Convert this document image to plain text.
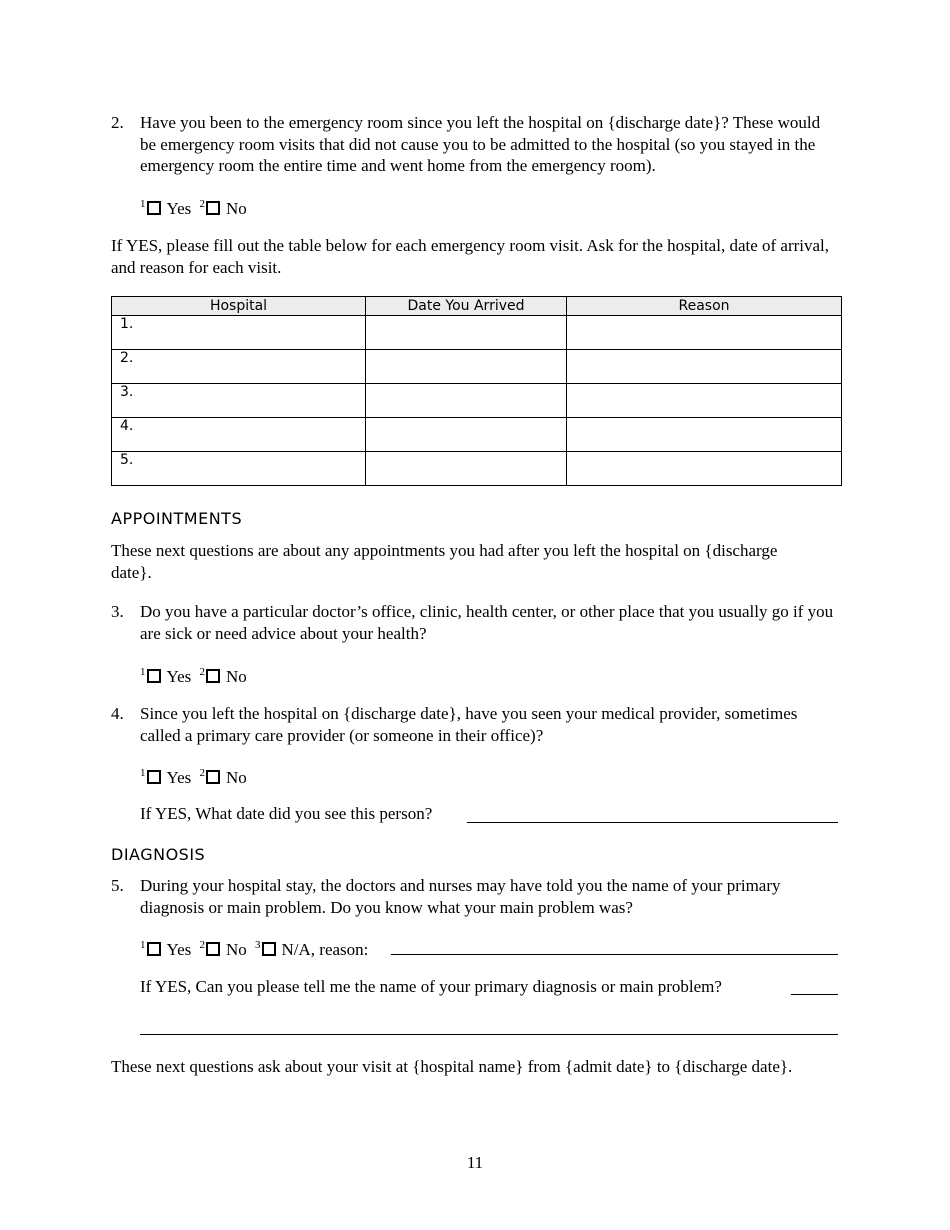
2. Have you been to the emergency room since you left the hospital on {discharge date}? These would be emergency room visits that did not cause you to be admitted to the hospital (so you stayed in the emergency room the entire time and went home from the emergency room).
$^1$ Yes $^2$ No
If YES, please fill out the table below for each emergency room visit. Ask for the hospital, date of arrival, and reason for each visit.
Hospital	Date You Arrived	Reason
1.		
2.		
3.		
4.		
5.		
APPOINTMENTS
These next questions are about any appointments you had after you left the hospital on {discharge date}.
3. Do you have a particular doctor’s office, clinic, health center, or other place that you usually go if you are sick or need advice about your health?
$^1$ Yes $^2$ No
4. Since you left the hospital on {discharge date}, have you seen your medical provider, sometimes called a primary care provider (or someone in their office)?
$^1$ Yes $^2$ No
If YES, What date did you see this person?
DIAGNOSIS
5. During your hospital stay, the doctors and nurses may have told you the name of your primary diagnosis or main problem. Do you know what your main problem was?
$^1$ Yes $^2$ No $^3$ N/A, reason:
If YES, Can you please tell me the name of your primary diagnosis or main problem?
These next questions ask about your visit at {hospital name} from {admit date} to {discharge date}.
11
